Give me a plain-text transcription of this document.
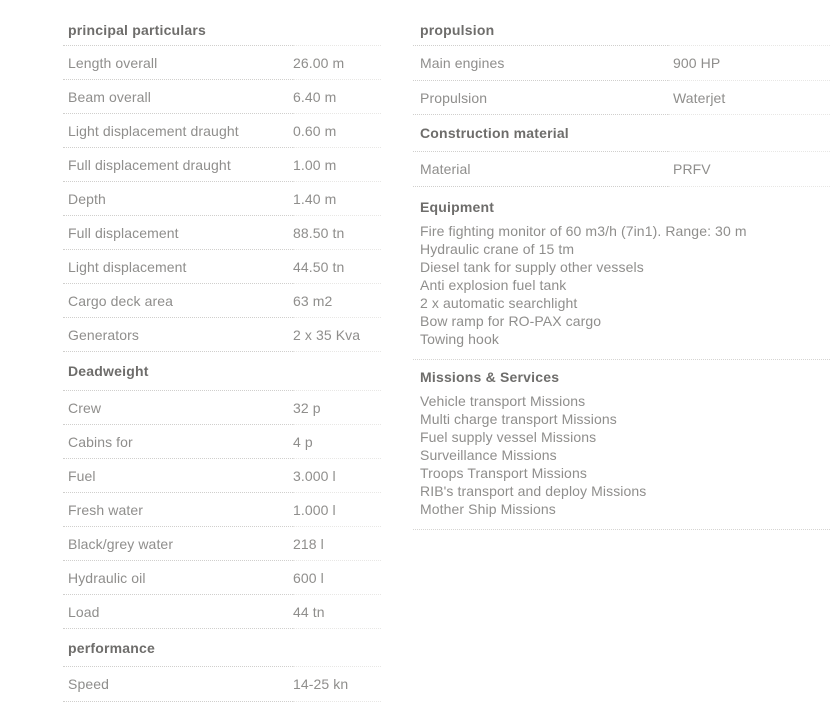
principal particulars
Length overall	26.00 m
Beam overall	6.40 m
Light displacement draught	0.60 m
Full displacement draught	1.00 m
Depth	1.40 m
Full displacement	88.50 tn
Light displacement	44.50 tn
Cargo deck area	63 m2
Generators	2 x 35 Kva
Deadweight
Crew	32 p
Cabins for	4 p
Fuel	3.000 l
Fresh water	1.000 l
Black/grey water	218 l
Hydraulic oil	600 l
Load	44 tn
performance
Speed	14-25 kn
propulsion
Main engines	900 HP
Propulsion	Waterjet
Construction material
Material	PRFV
Equipment
Fire fighting monitor of 60 m3/h (7in1). Range: 30 m
Hydraulic crane of 15 tm
Diesel tank for supply other vessels
Anti explosion fuel tank
2 x automatic searchlight
Bow ramp for RO-PAX cargo
Towing hook
Missions & Services
Vehicle transport Missions
Multi charge transport Missions
Fuel supply vessel Missions
Surveillance Missions
Troops Transport Missions
RIB's transport and deploy Missions
Mother Ship Missions
